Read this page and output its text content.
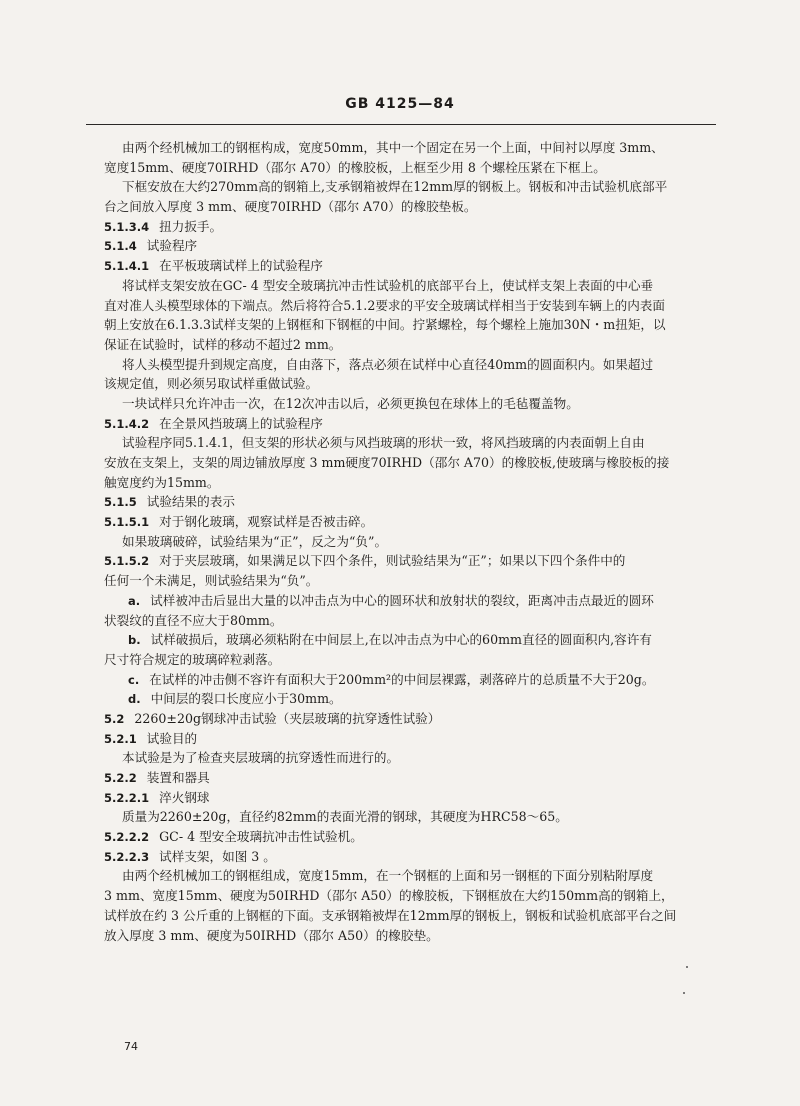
GB 4125—84
由两个经机械加工的钢框构成，宽度50mm，其中一个固定在另一个上面，中间衬以厚度 3mm、
宽度15mm、硬度70IRHD（邵尔 A70）的橡胶板，上框至少用 8 个螺栓压紧在下框上。
下框安放在大约270mm高的钢箱上,支承钢箱被焊在12mm厚的钢板上。钢板和冲击试验机底部平
台之间放入厚度 3 mm、硬度70IRHD（邵尔 A70）的橡胶垫板。
5.1.3.4 扭力扳手。
5.1.4 试验程序
5.1.4.1 在平板玻璃试样上的试验程序
将试样支架安放在GC- 4 型安全玻璃抗冲击性试验机的底部平台上，使试样支架上表面的中心垂
直对准人头模型球体的下端点。然后将符合5.1.2要求的平安全玻璃试样相当于安装到车辆上的内表面
朝上安放在6.1.3.3试样支架的上钢框和下钢框的中间。拧紧螺栓，每个螺栓上施加30N・m扭矩，以
保证在试验时，试样的移动不超过2 mm。
将人头模型提升到规定高度，自由落下，落点必须在试样中心直径40mm的圆面积内。如果超过
该规定值，则必须另取试样重做试验。
一块试样只允许冲击一次，在12次冲击以后，必须更换包在球体上的毛毡覆盖物。
5.1.4.2 在全景风挡玻璃上的试验程序
试验程序同5.1.4.1，但支架的形状必须与风挡玻璃的形状一致，将风挡玻璃的内表面朝上自由
安放在支架上，支架的周边铺放厚度 3 mm硬度70IRHD（邵尔 A70）的橡胶板,使玻璃与橡胶板的接
触宽度约为15mm。
5.1.5 试验结果的表示
5.1.5.1 对于钢化玻璃，观察试样是否被击碎。
如果玻璃破碎，试验结果为“正”，反之为“负”。
5.1.5.2 对于夹层玻璃，如果满足以下四个条件，则试验结果为“正”；如果以下四个条件中的
任何一个未满足，则试验结果为“负”。
a. 试样被冲击后显出大量的以冲击点为中心的圆环状和放射状的裂纹，距离冲击点最近的圆环
状裂纹的直径不应大于80mm。
b. 试样破损后，玻璃必须粘附在中间层上,在以冲击点为中心的60mm直径的圆面积内,容许有
尺寸符合规定的玻璃碎粒剥落。
c. 在试样的冲击侧不容许有面积大于200mm²的中间层裸露，剥落碎片的总质量不大于20g。
d. 中间层的裂口长度应小于30mm。
5.2 2260±20g钢球冲击试验（夹层玻璃的抗穿透性试验）
5.2.1 试验目的
本试验是为了检查夹层玻璃的抗穿透性而进行的。
5.2.2 装置和器具
5.2.2.1 淬火钢球
质量为2260±20g，直径约82mm的表面光滑的钢球，其硬度为HRC58～65。
5.2.2.2 GC- 4 型安全玻璃抗冲击性试验机。
5.2.2.3 试样支架，如图 3 。
由两个经机械加工的钢框组成，宽度15mm，在一个钢框的上面和另一钢框的下面分别粘附厚度
3 mm、宽度15mm、硬度为50IRHD（邵尔 A50）的橡胶板，下钢框放在大约150mm高的钢箱上，
试样放在约 3 公斤重的上钢框的下面。支承钢箱被焊在12mm厚的钢板上，钢板和试验机底部平台之间
放入厚度 3 mm、硬度为50IRHD（邵尔 A50）的橡胶垫。
74
